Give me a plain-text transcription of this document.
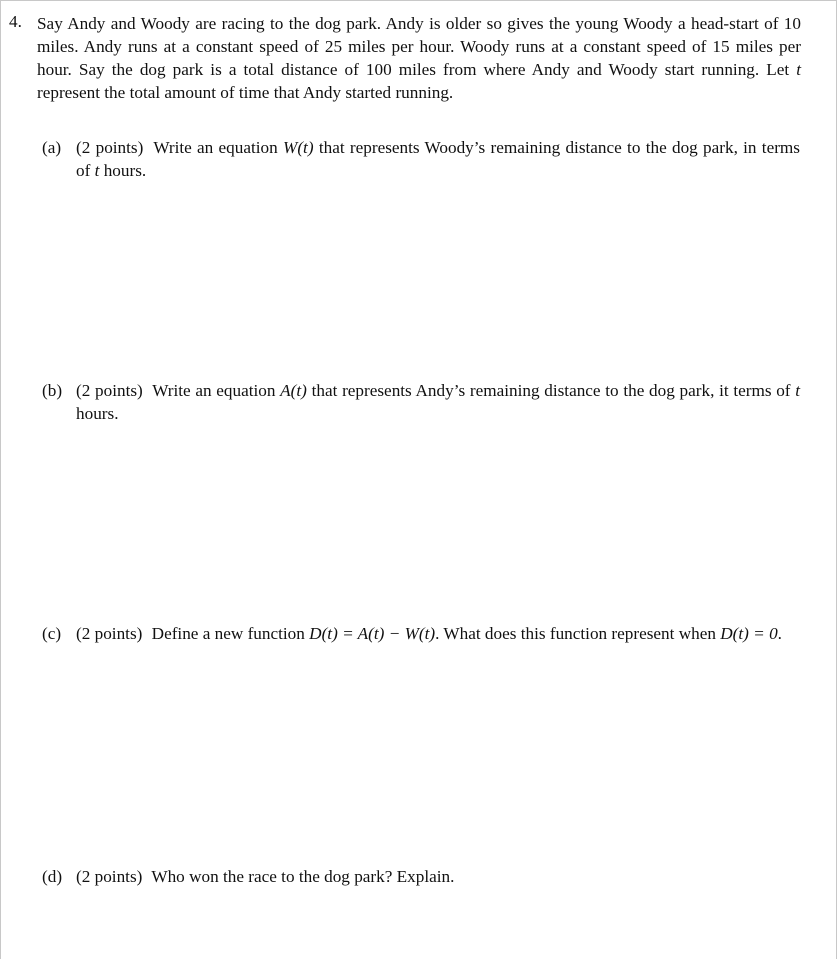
4. Say Andy and Woody are racing to the dog park. Andy is older so gives the young Woody a head-start of 10 miles. Andy runs at a constant speed of 25 miles per hour. Woody runs at a constant speed of 15 miles per hour. Say the dog park is a total distance of 100 miles from where Andy and Woody start running. Let t represent the total amount of time that Andy started running.
(a) (2 points) Write an equation W(t) that represents Woody’s remaining distance to the dog park, in terms of t hours.
(b) (2 points) Write an equation A(t) that represents Andy’s remaining distance to the dog park, it terms of t hours.
(c) (2 points) Define a new function D(t) = A(t) − W(t). What does this function represent when D(t) = 0.
(d) (2 points) Who won the race to the dog park? Explain.
